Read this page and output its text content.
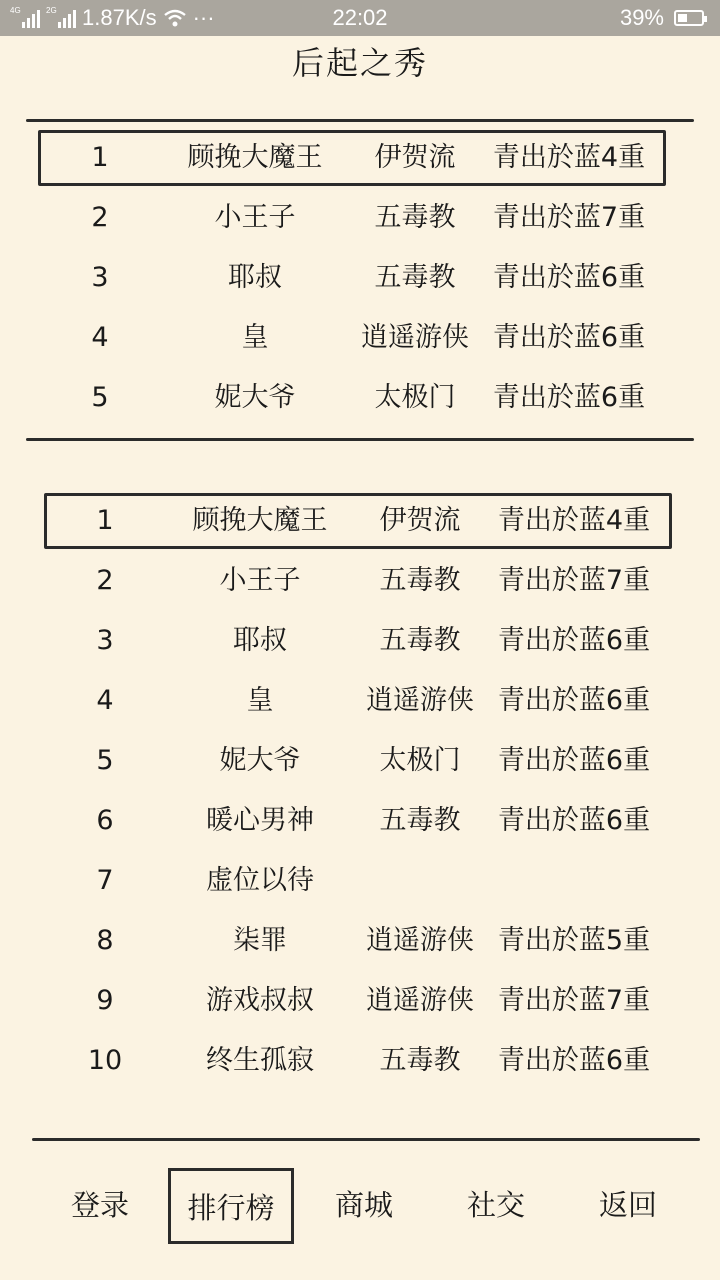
4G	2G 1.87K/s ···	22:02	39%
后起之秀
1	顾挽大魔王	伊贺流	青出於蓝4重
2	小王子	五毒教	青出於蓝7重
3	耶叔	五毒教	青出於蓝6重
4	皇	逍遥游侠 青出於蓝6重
5	妮大爷	太极门	青出於蓝6重
1	顾挽大魔王	伊贺流	青出於蓝4重
2	小王子	五毒教	青出於蓝7重
3	耶叔	五毒教	青出於蓝6重
4	皇	逍遥游侠 青出於蓝6重
5	妮大爷	太极门	青出於蓝6重
6	暖心男神	五毒教	青出於蓝6重
7	虚位以待
8	柒罪	逍遥游侠 青出於蓝5重
9	游戏叔叔	逍遥游侠 青出於蓝7重
10	终生孤寂	五毒教	青出於蓝6重
登录	排行榜	商城	社交	返回
